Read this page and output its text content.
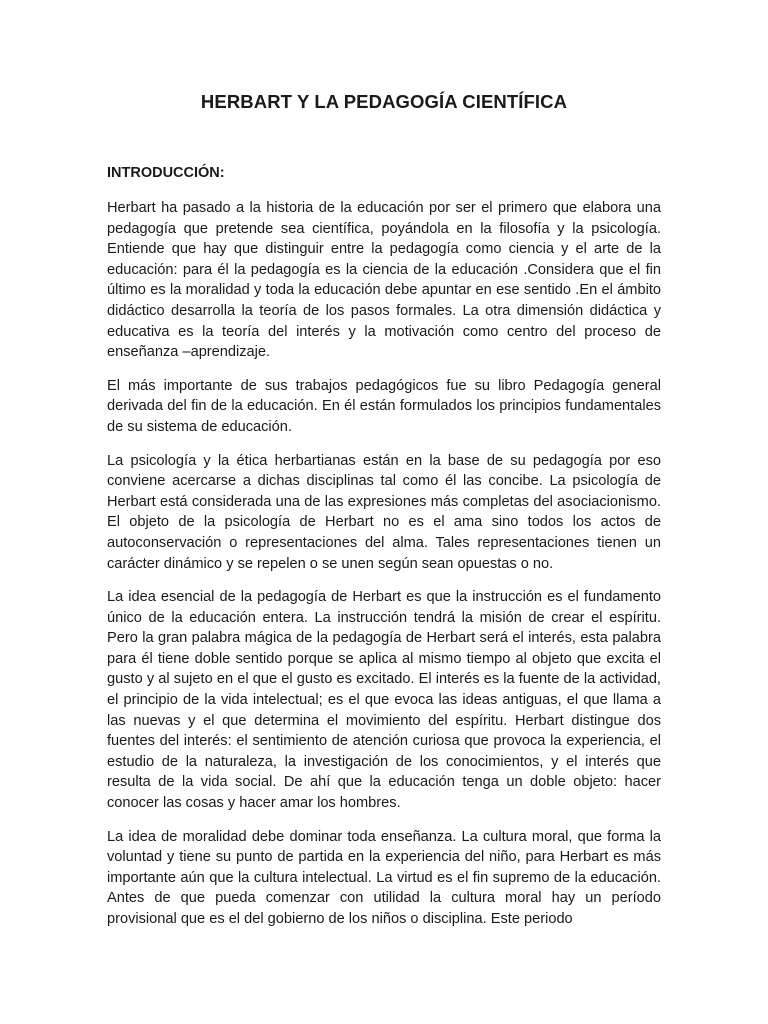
HERBART Y LA PEDAGOGÍA CIENTÍFICA
INTRODUCCIÓN:

Herbart ha pasado a la historia de la educación por ser el primero que elabora una pedagogía que pretende sea científica, poyándola en la filosofía y la psicología. Entiende que hay que distinguir entre la pedagogía como ciencia y el arte de la educación: para él la pedagogía es la ciencia de la educación .Considera que el fin último es la moralidad y toda la educación debe apuntar en ese sentido .En el ámbito didáctico desarrolla la teoría de los pasos formales. La otra dimensión didáctica y educativa es la teoría del interés y la motivación como centro del proceso de enseñanza –aprendizaje.

El más importante de sus trabajos pedagógicos fue su libro Pedagogía general derivada del fin de la educación. En él están formulados los principios fundamentales de su sistema de educación.

La psicología y la ética herbartianas están en la base de su pedagogía por eso conviene acercarse a dichas disciplinas tal como él las concibe. La psicología de Herbart está considerada una de las expresiones más completas del asociacionismo. El objeto de la psicología de Herbart no es el ama sino todos los actos de autoconservación o representaciones del alma. Tales representaciones tienen un carácter dinámico y se repelen o se unen según sean opuestas o no.

La idea esencial de la pedagogía de Herbart es que la instrucción es el fundamento único de la educación entera. La instrucción tendrá la misión de crear el espíritu. Pero la gran palabra mágica de la pedagogía de Herbart será el interés, esta palabra para él tiene doble sentido porque se aplica al mismo tiempo al objeto que excita el gusto y al sujeto en el que el gusto es excitado. El interés es la fuente de la actividad, el principio de la vida intelectual; es el que evoca las ideas antiguas, el que llama a las nuevas y el que determina el movimiento del espíritu. Herbart distingue dos fuentes del interés: el sentimiento de atención curiosa que provoca la experiencia, el estudio de la naturaleza, la investigación de los conocimientos, y el interés que resulta de la vida social. De ahí que la educación tenga un doble objeto: hacer conocer las cosas y hacer amar los hombres.

La idea de moralidad debe dominar toda enseñanza. La cultura moral, que forma la voluntad y tiene su punto de partida en la experiencia del niño, para Herbart es más importante aún que la cultura intelectual. La virtud es el fin supremo de la educación. Antes de que pueda comenzar con utilidad la cultura moral hay un período provisional que es el del gobierno de los niños o disciplina. Este periodo
